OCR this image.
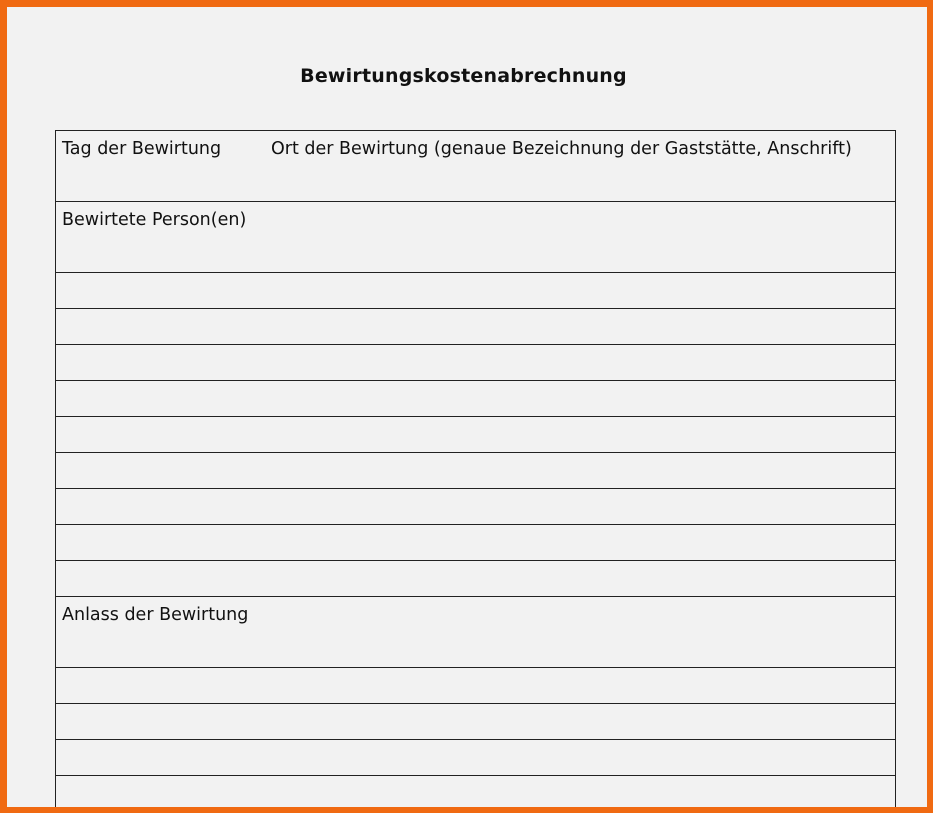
Bewirtungskostenabrechnung
Tag der Bewirtung	Ort der Bewirtung (genaue Bezeichnung der Gaststätte, Anschrift)
Bewirtete Person(en)
Anlass der Bewirtung
